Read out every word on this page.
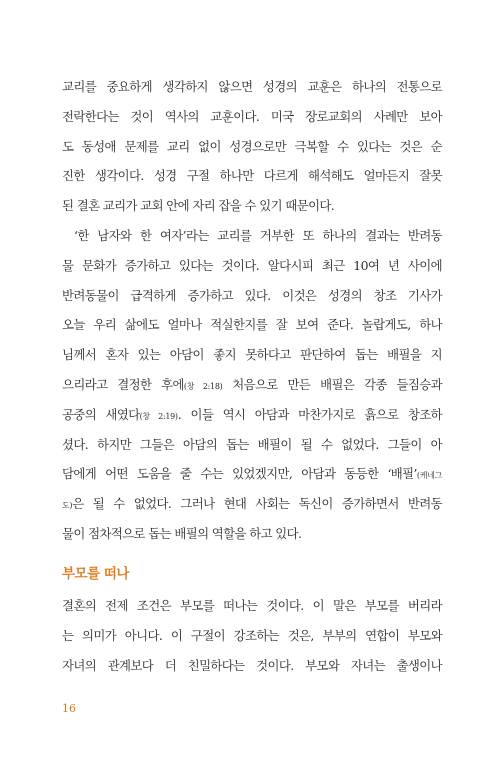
교리를 중요하게 생각하지 않으면 성경의 교훈은 하나의 전통으로
전락한다는 것이 역사의 교훈이다. 미국 장로교회의 사례만 보아
도 동성애 문제를 교리 없이 성경으로만 극복할 수 있다는 것은 순
진한 생각이다. 성경 구절 하나만 다르게 해석해도 얼마든지 잘못
된 결혼 교리가 교회 안에 자리 잡을 수 있기 때문이다.
‘한 남자와 한 여자’라는 교리를 거부한 또 하나의 결과는 반려동
물 문화가 증가하고 있다는 것이다. 알다시피 최근 10여 년 사이에
반려동물이 급격하게 증가하고 있다. 이것은 성경의 창조 기사가
오늘 우리 삶에도 얼마나 적실한지를 잘 보여 준다. 놀랍게도, 하나
님께서 혼자 있는 아담이 좋지 못하다고 판단하여 돕는 배필을 지
으리라고 결정한 후에(창 2:18) 처음으로 만든 배필은 각종 들짐승과
공중의 새였다(창 2:19). 이들 역시 아담과 마찬가지로 흙으로 창조하
셨다. 하지만 그들은 아담의 돕는 배필이 될 수 없었다. 그들이 아
담에게 어떤 도움을 줄 수는 있었겠지만, 아담과 동등한 ‘배필’(케네그
도)은 될 수 없었다. 그러나 현대 사회는 독신이 증가하면서 반려동
물이 점차적으로 돕는 배필의 역할을 하고 있다.
부모를 떠나
결혼의 전제 조건은 부모를 떠나는 것이다. 이 말은 부모를 버리라
는 의미가 아니다. 이 구절이 강조하는 것은, 부부의 연합이 부모와
자녀의 관계보다 더 친밀하다는 것이다. 부모와 자녀는 출생이나
16
